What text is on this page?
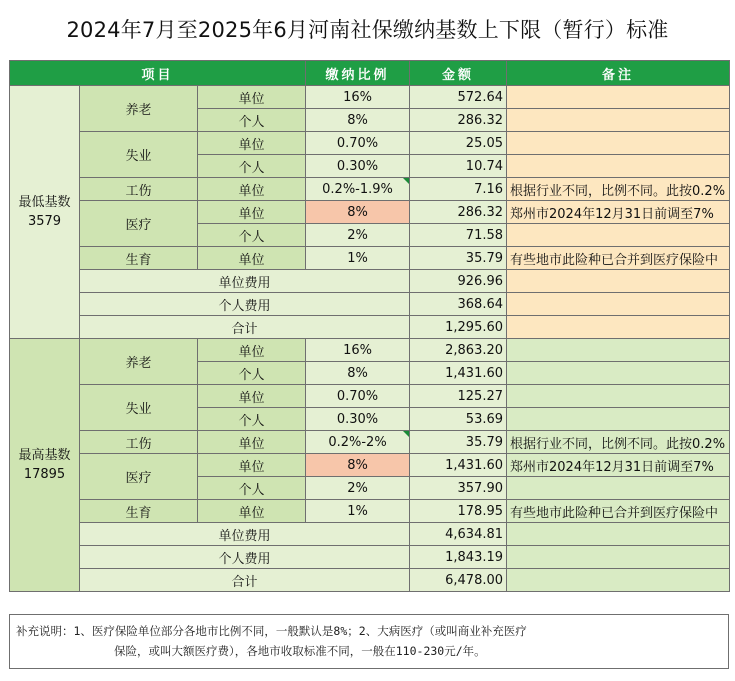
2024年7月至2025年6月河南社保缴纳基数上下限（暂行）标准
项目			缴纳比例	金额	备注
最低基数
3579	养老	单位	16%	572.64	
		个人	8%	286.32	
	失业	单位	0.70%	25.05	
		个人	0.30%	10.74	
	工伤	单位	0.2%-1.9%	7.16	根据行业不同，比例不同。此按0.2%
	医疗	单位	8%	286.32	郑州市2024年12月31日前调至7%
		个人	2%	71.58	
	生育	单位	1%	35.79	有些地市此险种已合并到医疗保险中
	单位费用			926.96	
	个人费用			368.64	
	合计			1,295.60	
最高基数
17895	养老	单位	16%	2,863.20	
		个人	8%	1,431.60	
	失业	单位	0.70%	125.27	
		个人	0.30%	53.69	
	工伤	单位	0.2%-2%	35.79	根据行业不同，比例不同。此按0.2%
	医疗	单位	8%	1,431.60	郑州市2024年12月31日前调至7%
		个人	2%	357.90	
	生育	单位	1%	178.95	有些地市此险种已合并到医疗保险中
	单位费用			4,634.81	
	个人费用			1,843.19	
	合计			6,478.00	
补充说明：1、医疗保险单位部分各地市比例不同，一般默认是8%；2、大病医疗（或叫商业补充医疗
保险，或叫大额医疗费），各地市收取标准不同，一般在110-230元/年。
